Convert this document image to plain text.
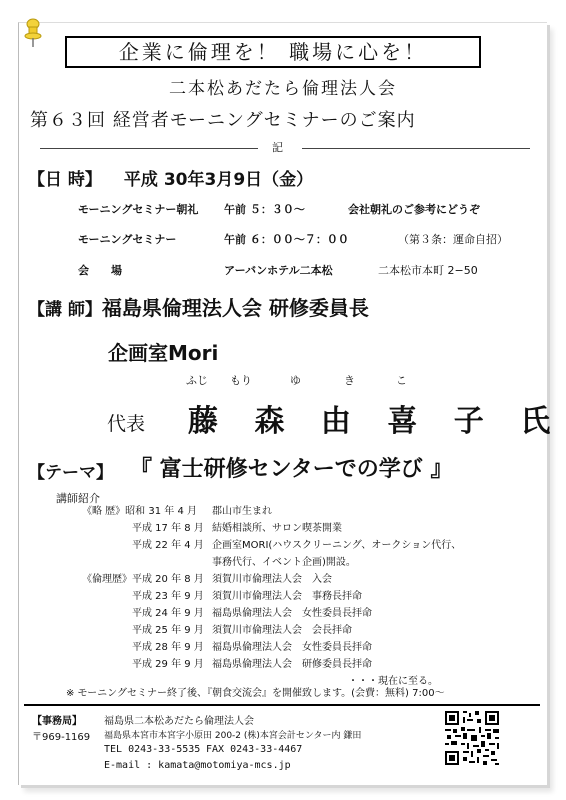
企業に倫理を！ 職場に心を！
二本松あだたら倫理法人会
第６３回 経営者モーニングセミナーのご案内
記
【日 時】 平成 30年3月9日（金）
モーニングセミナー朝礼 午前 ５：３０～	会社朝礼のご参考にどうぞ
モーニングセミナー	午前 ６：００～７：００	（第３条：運命自招）
会　　場	アーバンホテル二本松	二本松市本町 2−50
【講 師】福島県倫理法人会 研修委員長
企画室Mori
ふじ もり	ゆ	き	こ
代表 藤 森 由 喜 子 氏
【テーマ】 『 富士研修センターでの学び 』
講師紹介
《略 歴》昭和 31 年 4 月 郡山市生まれ
平成 17 年 8 月 結婚相談所、サロン喫茶開業
平成 22 年 4 月 企画室MORI(ハウスクリーニング、オークション代行、
事務代行、イベント企画)開設。
《倫理歴》平成 20 年 8 月 須賀川市倫理法人会　入会
平成 23 年 9 月 須賀川市倫理法人会　事務長拝命
平成 24 年 9 月 福島県倫理法人会　女性委員長拝命
平成 25 年 9 月 須賀川市倫理法人会　会長拝命
平成 28 年 9 月 福島県倫理法人会　女性委員長拝命
平成 29 年 9 月 福島県倫理法人会　研修委員長拝命
・・・現在に至る。
※ モーニングセミナー終了後、『朝食交流会』を開催致します。(会費：無料) 7:00～
【事務局】 福島県二本松あだたら倫理法人会
〒969-1169 福島県本宮市本宮字小原田 200-2 (株)本宮会計センター内 鎌田
TEL 0243-33-5535 FAX 0243-33-4467
E-mail : kamata@motomiya-mcs.jp
